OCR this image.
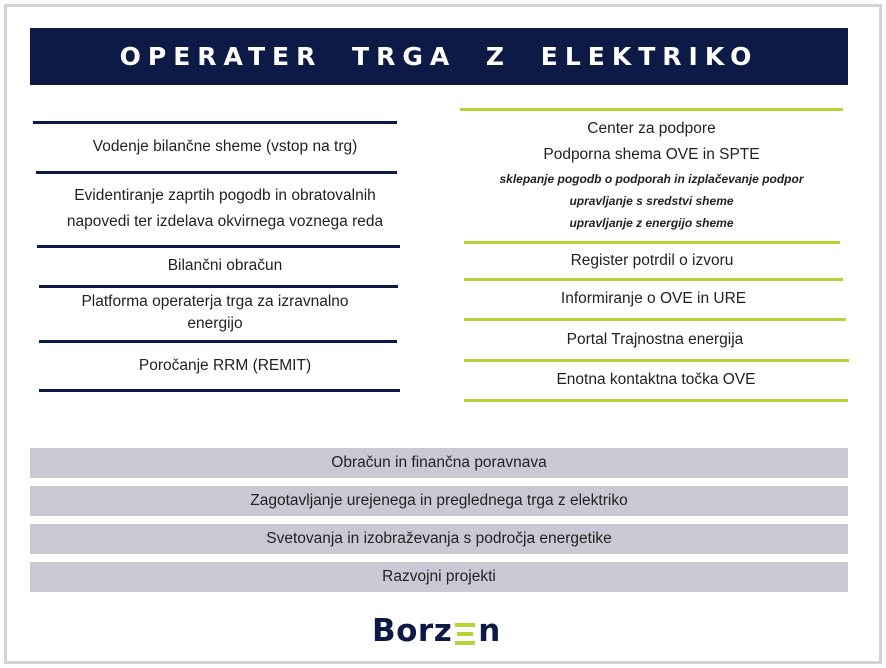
OPERATER TRGA Z ELEKTRIKO
Vodenje bilančne sheme (vstop na trg)
Evidentiranje zaprtih pogodb in obratovalnih
napovedi ter izdelava okvirnega voznega reda
Bilančni obračun
Platforma operaterja trga za izravnalno
energijo
Poročanje RRM (REMIT)
Center za podpore
Podporna shema OVE in SPTE
sklepanje pogodb o podporah in izplačevanje podpor
upravljanje s sredstvi sheme
upravljanje z energijo sheme
Register potrdil o izvoru
Informiranje o OVE in URE
Portal Trajnostna energija
Enotna kontaktna točka OVE
Obračun in finančna poravnava
Zagotavljanje urejenega in preglednega trga z elektriko
Svetovanja in izobraževanja s področja energetike
Razvojni projekti
Borz n
